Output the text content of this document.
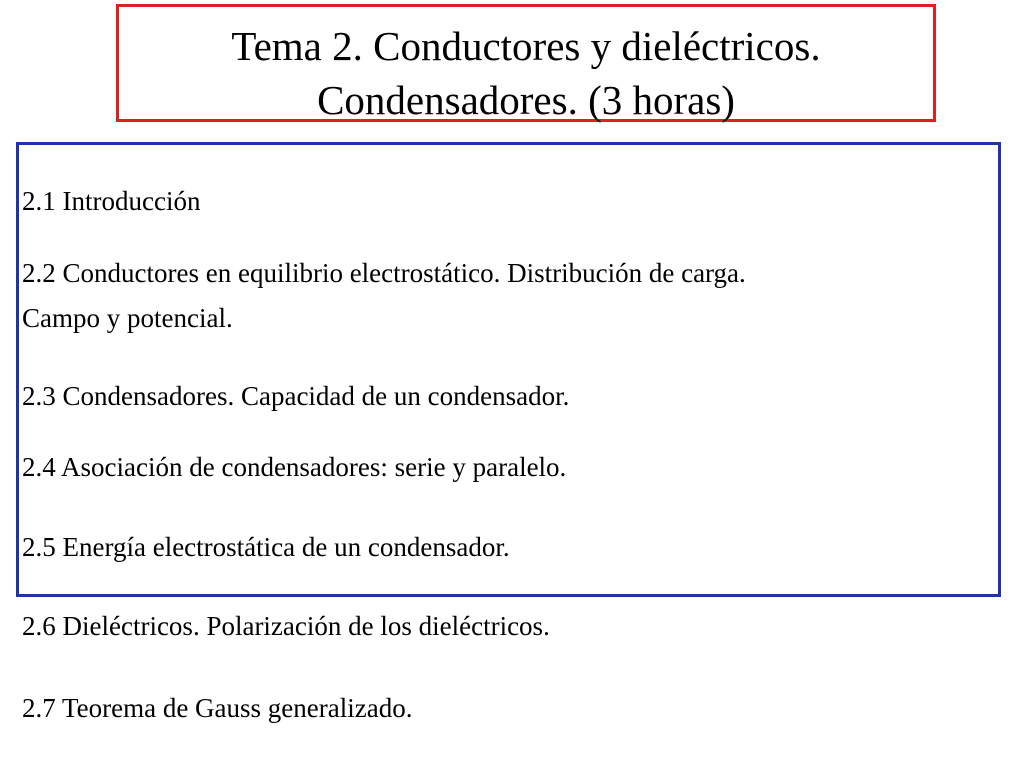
Tema 2. Conductores y dieléctricos.
Condensadores. (3 horas)
2.1 Introducción
2.2 Conductores en equilibrio electrostático. Distribución de carga.
Campo y potencial.
2.3 Condensadores. Capacidad de un condensador.
2.4 Asociación de condensadores: serie y paralelo.
2.5 Energía electrostática de un condensador.
2.6 Dieléctricos. Polarización de los dieléctricos.
2.7 Teorema de Gauss generalizado.
